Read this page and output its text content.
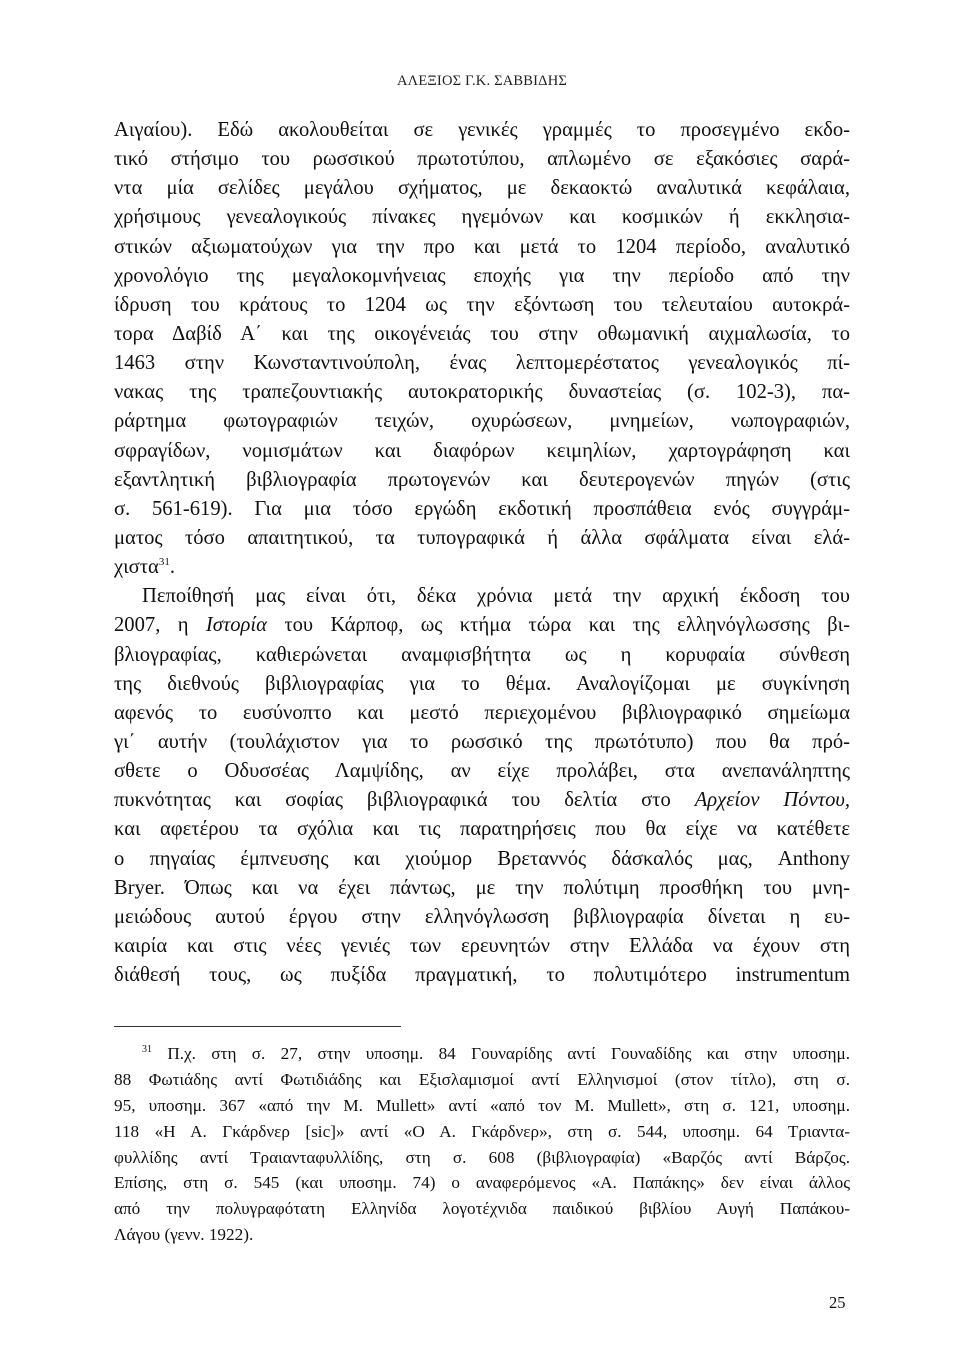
ΑΛΕΞΙΟΣ Γ.Κ. ΣΑΒΒΙΔΗΣ
Αιγαίου). Εδώ ακολουθείται σε γενικές γραμμές το προσεγμένο εκδο-
τικό στήσιμο του ρωσσικού πρωτοτύπου, απλωμένο σε εξακόσιες σαρά-
ντα μία σελίδες μεγάλου σχήματος, με δεκαοκτώ αναλυτικά κεφάλαια,
χρήσιμους γενεαλογικούς πίνακες ηγεμόνων και κοσμικών ή εκκλησια-
στικών αξιωματούχων για την προ και μετά το 1204 περίοδο, αναλυτικό
χρονολόγιο της μεγαλοκομνήνειας εποχής για την περίοδο από την
ίδρυση του κράτους το 1204 ως την εξόντωση του τελευταίου αυτοκρά-
τορα Δαβίδ Α΄ και της οικογένειάς του στην οθωμανική αιχμαλωσία, το
1463 στην Κωνσταντινούπολη, ένας λεπτομερέστατος γενεαλογικός πί-
νακας της τραπεζουντιακής αυτοκρατορικής δυναστείας (σ. 102-3), πα-
ράρτημα φωτογραφιών τειχών, οχυρώσεων, μνημείων, νωπογραφιών,
σφραγίδων, νομισμάτων και διαφόρων κειμηλίων, χαρτογράφηση και
εξαντλητική βιβλιογραφία πρωτογενών και δευτερογενών πηγών (στις
σ. 561-619). Για μια τόσο εργώδη εκδοτική προσπάθεια ενός συγγράμ-
ματος τόσο απαιτητικού, τα τυπογραφικά ή άλλα σφάλματα είναι ελά-
χιστα$^{31}$.
Πεποίθησή μας είναι ότι, δέκα χρόνια μετά την αρχική έκδοση του
2007, η Ιστορία του Κάρποφ, ως κτήμα τώρα και της ελληνόγλωσσης βι-
βλιογραφίας, καθιερώνεται αναμφισβήτητα ως η κορυφαία σύνθεση
της διεθνούς βιβλιογραφίας για το θέμα. Αναλογίζομαι με συγκίνηση
αφενός το ευσύνοπτο και μεστό περιεχομένου βιβλιογραφικό σημείωμα
γι΄ αυτήν (τουλάχιστον για το ρωσσικό της πρωτότυπο) που θα πρό-
σθετε ο Οδυσσέας Λαμψίδης, αν είχε προλάβει, στα ανεπανάληπτης
πυκνότητας και σοφίας βιβλιογραφικά του δελτία στο Αρχείον Πόντου,
και αφετέρου τα σχόλια και τις παρατηρήσεις που θα είχε να κατέθετε
ο πηγαίας έμπνευσης και χιούμορ Βρεταννός δάσκαλός μας, Anthony
Bryer. Όπως και να έχει πάντως, με την πολύτιμη προσθήκη του μνη-
μειώδους αυτού έργου στην ελληνόγλωσση βιβλιογραφία δίνεται η ευ-
καιρία και στις νέες γενιές των ερευνητών στην Ελλάδα να έχουν στη
διάθεσή τους, ως πυξίδα πραγματική, το πολυτιμότερο instrumentum
$^{31}$ Π.χ. στη σ. 27, στην υποσημ. 84 Γουναρίδης αντί Γουναδίδης και στην υποσημ.
88 Φωτιάδης αντί Φωτιδιάδης και Εξισλαμισμοί αντί Ελληνισμοί (στον τίτλο), στη σ.
95, υποσημ. 367 «από την Μ. Mullett» αντί «από τον Μ. Mullett», στη σ. 121, υποσημ.
118 «Η Α. Γκάρδνερ [sic]» αντί «Ο Α. Γκάρδνερ», στη σ. 544, υποσημ. 64 Τριαντα-
φυλλίδης αντί Τραιανταφυλλίδης, στη σ. 608 (βιβλιογραφία) «Βαρζός αντί Βάρζος.
Επίσης, στη σ. 545 (και υποσημ. 74) ο αναφερόμενος «Α. Παπάκης» δεν είναι άλλος
από την πολυγραφότατη Ελληνίδα λογοτέχνιδα παιδικού βιβλίου Αυγή Παπάκου-
Λάγου (γενν. 1922).
25
